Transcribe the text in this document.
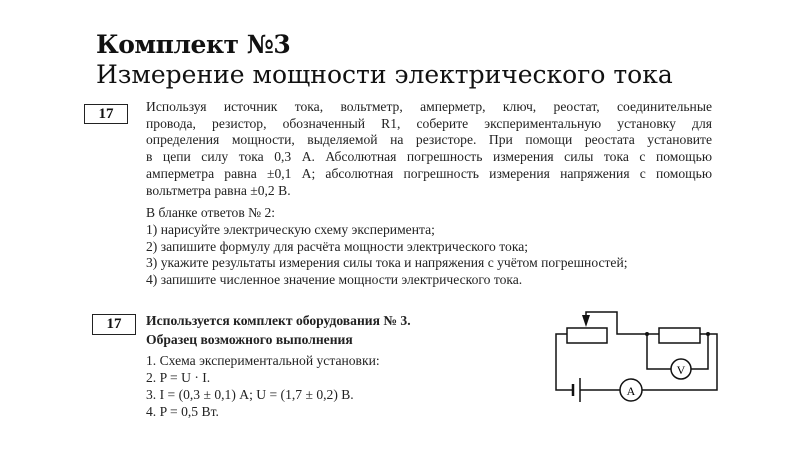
Комплект №3
Измерение мощности электрического тока
17	Используя источник тока, вольтметр, амперметр, ключ, реостат, соединительные
провода, резистор, обозначенный R1, соберите экспериментальную установку для
определения мощности, выделяемой на резисторе. При помощи реостата установите
в цепи силу тока 0,3 А. Абсолютная погрешность измерения силы тока с помощью
амперметра равна ±0,1 А; абсолютная погрешность измерения напряжения с помощью
вольтметра равна ±0,2 В.
В бланке ответов № 2:
1) нарисуйте электрическую схему эксперимента;
2) запишите формулу для расчёта мощности электрического тока;
3) укажите результаты измерения силы тока и напряжения с учётом погрешностей;
4) запишите численное значение мощности электрического тока.
17	Используется комплект оборудования № 3.
Образец возможного выполнения
1. Схема экспериментальной установки:
2. P = U · I.
3. I = (0,3 ± 0,1) А; U = (1,7 ± 0,2) В.
4. P = 0,5 Вт.
V
A
